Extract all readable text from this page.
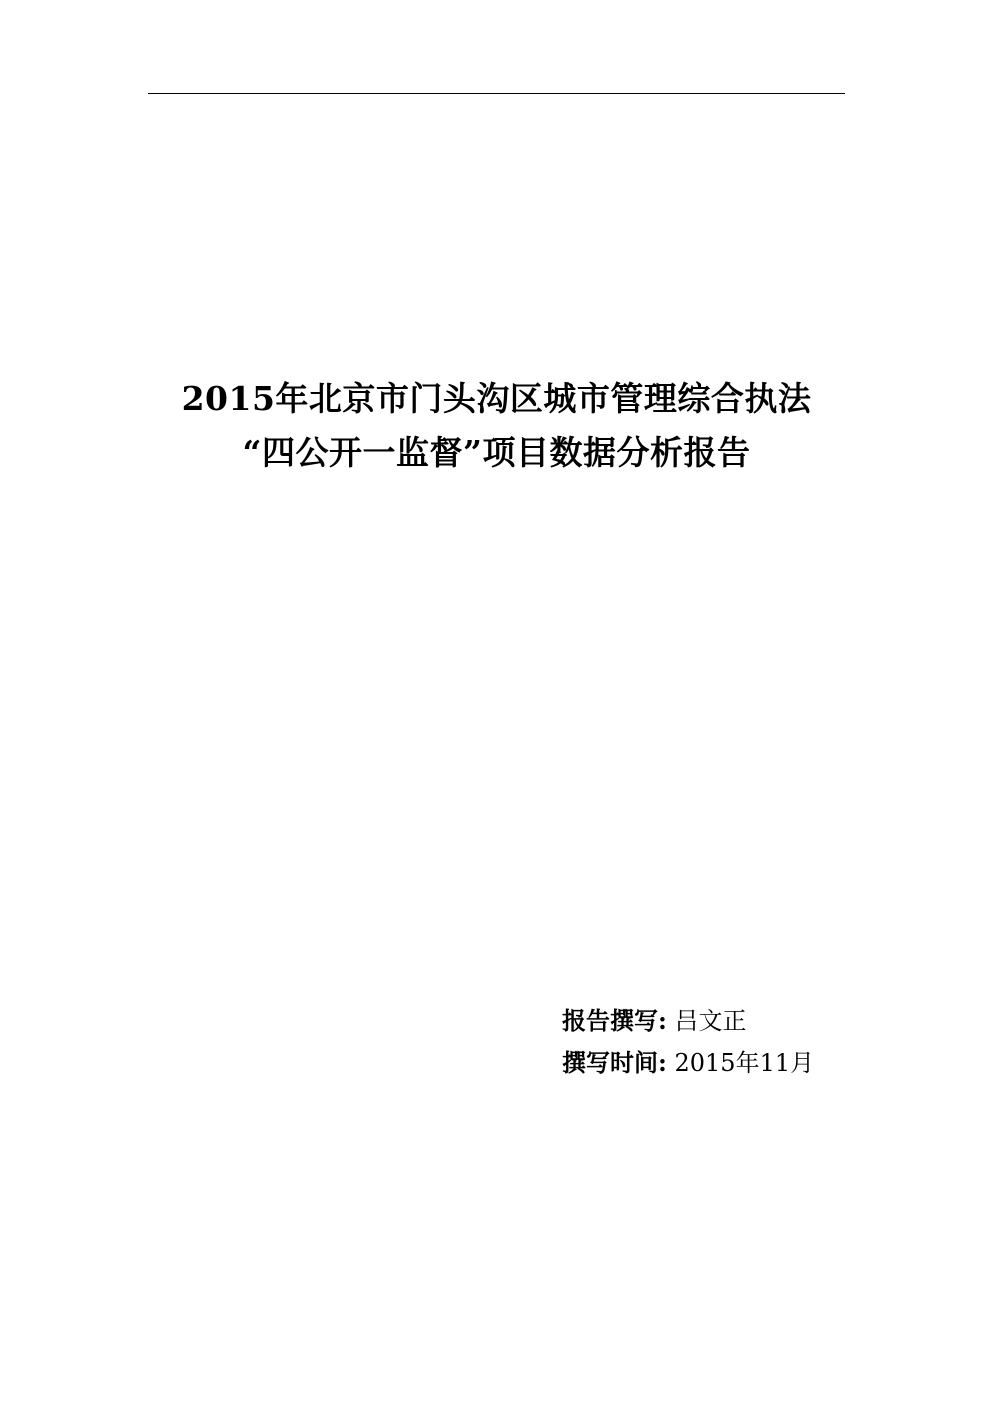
2015年北京市门头沟区城市管理综合执法
“四公开一监督”项目数据分析报告
报告撰写: 吕文正
撰写时间: 2015年11月
